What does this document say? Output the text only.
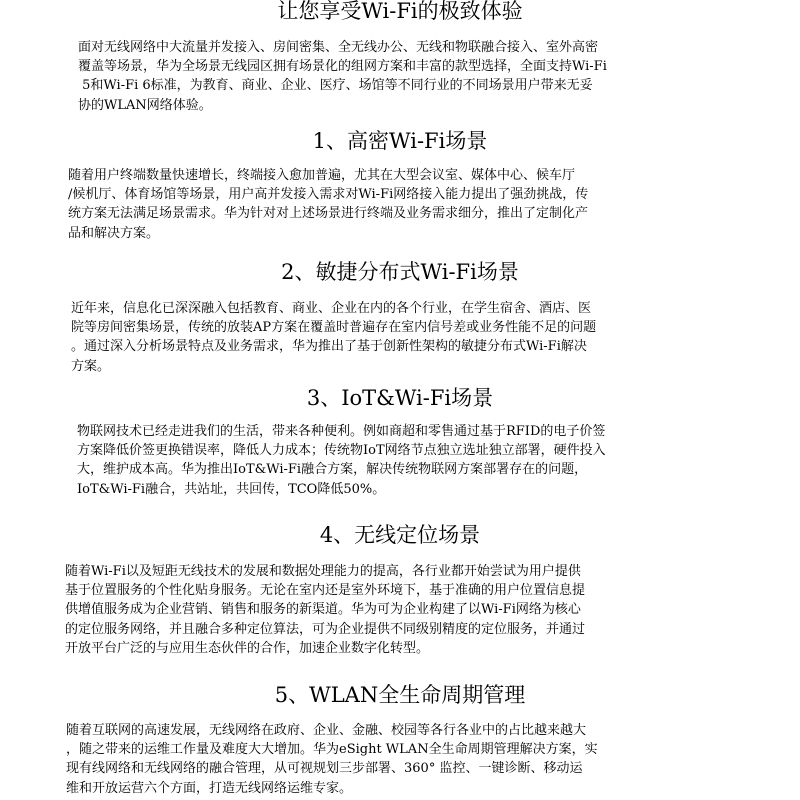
让您享受Wi-Fi的极致体验

面对无线网络中大流量并发接入、房间密集、全无线办公、无线和物联融合接入、室外高密
覆盖等场景，华为全场景无线园区拥有场景化的组网方案和丰富的款型选择，全面支持Wi-Fi
5和Wi-Fi 6标准，为教育、商业、企业、医疗、场馆等不同行业的不同场景用户带来无妥
协的WLAN网络体验。

1、高密Wi-Fi场景

随着用户终端数量快速增长，终端接入愈加普遍，尤其在大型会议室、媒体中心、候车厅
/候机厅、体育场馆等场景，用户高并发接入需求对Wi-Fi网络接入能力提出了强劲挑战，传
统方案无法满足场景需求。华为针对对上述场景进行终端及业务需求细分，推出了定制化产
品和解决方案。

2、敏捷分布式Wi-Fi场景

近年来，信息化已深深融入包括教育、商业、企业在内的各个行业，在学生宿舍、酒店、医
院等房间密集场景，传统的放装AP方案在覆盖时普遍存在室内信号差或业务性能不足的问题
。通过深入分析场景特点及业务需求，华为推出了基于创新性架构的敏捷分布式Wi-Fi解决
方案。

3、IoT&Wi-Fi场景

物联网技术已经走进我们的生活，带来各种便利。例如商超和零售通过基于RFID的电子价签
方案降低价签更换错误率，降低人力成本；传统物IoT网络节点独立选址独立部署，硬件投入
大，维护成本高。华为推出IoT&Wi-Fi融合方案，解决传统物联网方案部署存在的问题，
IoT&Wi-Fi融合，共站址，共回传，TCO降低50%。

4、无线定位场景

随着Wi-Fi以及短距无线技术的发展和数据处理能力的提高，各行业都开始尝试为用户提供
基于位置服务的个性化贴身服务。无论在室内还是室外环境下，基于准确的用户位置信息提
供增值服务成为企业营销、销售和服务的新渠道。华为可为企业构建了以Wi-Fi网络为核心
的定位服务网络，并且融合多种定位算法，可为企业提供不同级别精度的定位服务，并通过
开放平台广泛的与应用生态伙伴的合作，加速企业数字化转型。

5、WLAN全生命周期管理

随着互联网的高速发展，无线网络在政府、企业、金融、校园等各行各业中的占比越来越大
，随之带来的运维工作量及难度大大增加。华为eSight WLAN全生命周期管理解决方案，实
现有线网络和无线网络的融合管理，从可视规划三步部署、360° 监控、一键诊断、移动运
维和开放运营六个方面，打造无线网络运维专家。
